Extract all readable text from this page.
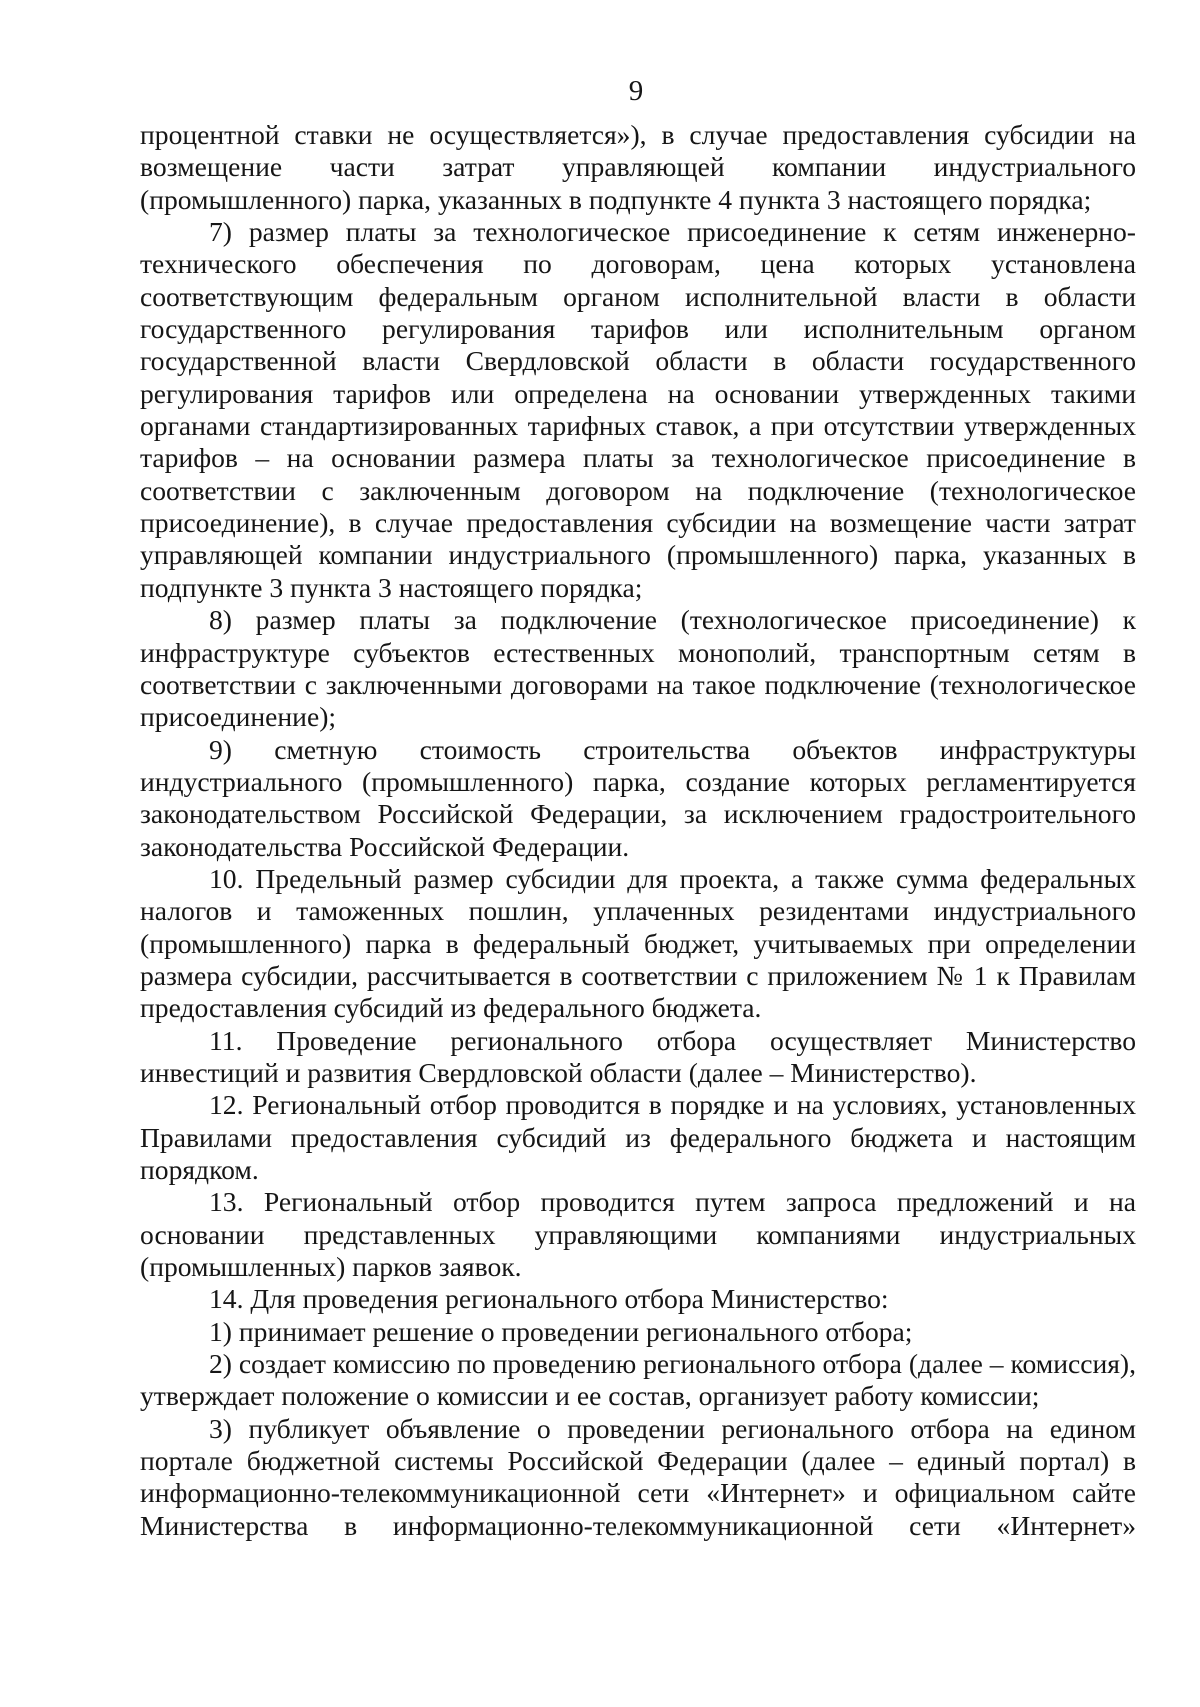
9

процентной ставки не осуществляется»), в случае предоставления субсидии на возмещение части затрат управляющей компании индустриального (промышленного) парка, указанных в подпункте 4 пункта 3 настоящего порядка;

7) размер платы за технологическое присоединение к сетям инженерно-технического обеспечения по договорам, цена которых установлена соответствующим федеральным органом исполнительной власти в области государственного регулирования тарифов или исполнительным органом государственной власти Свердловской области в области государственного регулирования тарифов или определена на основании утвержденных такими органами стандартизированных тарифных ставок, а при отсутствии утвержденных тарифов – на основании размера платы за технологическое присоединение в соответствии с заключенным договором на подключение (технологическое присоединение), в случае предоставления субсидии на возмещение части затрат управляющей компании индустриального (промышленного) парка, указанных в подпункте 3 пункта 3 настоящего порядка;

8) размер платы за подключение (технологическое присоединение) к инфраструктуре субъектов естественных монополий, транспортным сетям в соответствии с заключенными договорами на такое подключение (технологическое присоединение);

9) сметную стоимость строительства объектов инфраструктуры индустриального (промышленного) парка, создание которых регламентируется законодательством Российской Федерации, за исключением градостроительного законодательства Российской Федерации.

10. Предельный размер субсидии для проекта, а также сумма федеральных налогов и таможенных пошлин, уплаченных резидентами индустриального (промышленного) парка в федеральный бюджет, учитываемых при определении размера субсидии, рассчитывается в соответствии с приложением № 1 к Правилам предоставления субсидий из федерального бюджета.

11. Проведение регионального отбора осуществляет Министерство инвестиций и развития Свердловской области (далее – Министерство).

12. Региональный отбор проводится в порядке и на условиях, установленных Правилами предоставления субсидий из федерального бюджета и настоящим порядком.

13. Региональный отбор проводится путем запроса предложений и на основании представленных управляющими компаниями индустриальных (промышленных) парков заявок.

14. Для проведения регионального отбора Министерство:

1) принимает решение о проведении регионального отбора;

2) создает комиссию по проведению регионального отбора (далее – комиссия), утверждает положение о комиссии и ее состав, организует работу комиссии;

3) публикует объявление о проведении регионального отбора на едином портале бюджетной системы Российской Федерации (далее – единый портал) в информационно-телекоммуникационной сети «Интернет» и официальном сайте Министерства в информационно-телекоммуникационной сети «Интернет»
